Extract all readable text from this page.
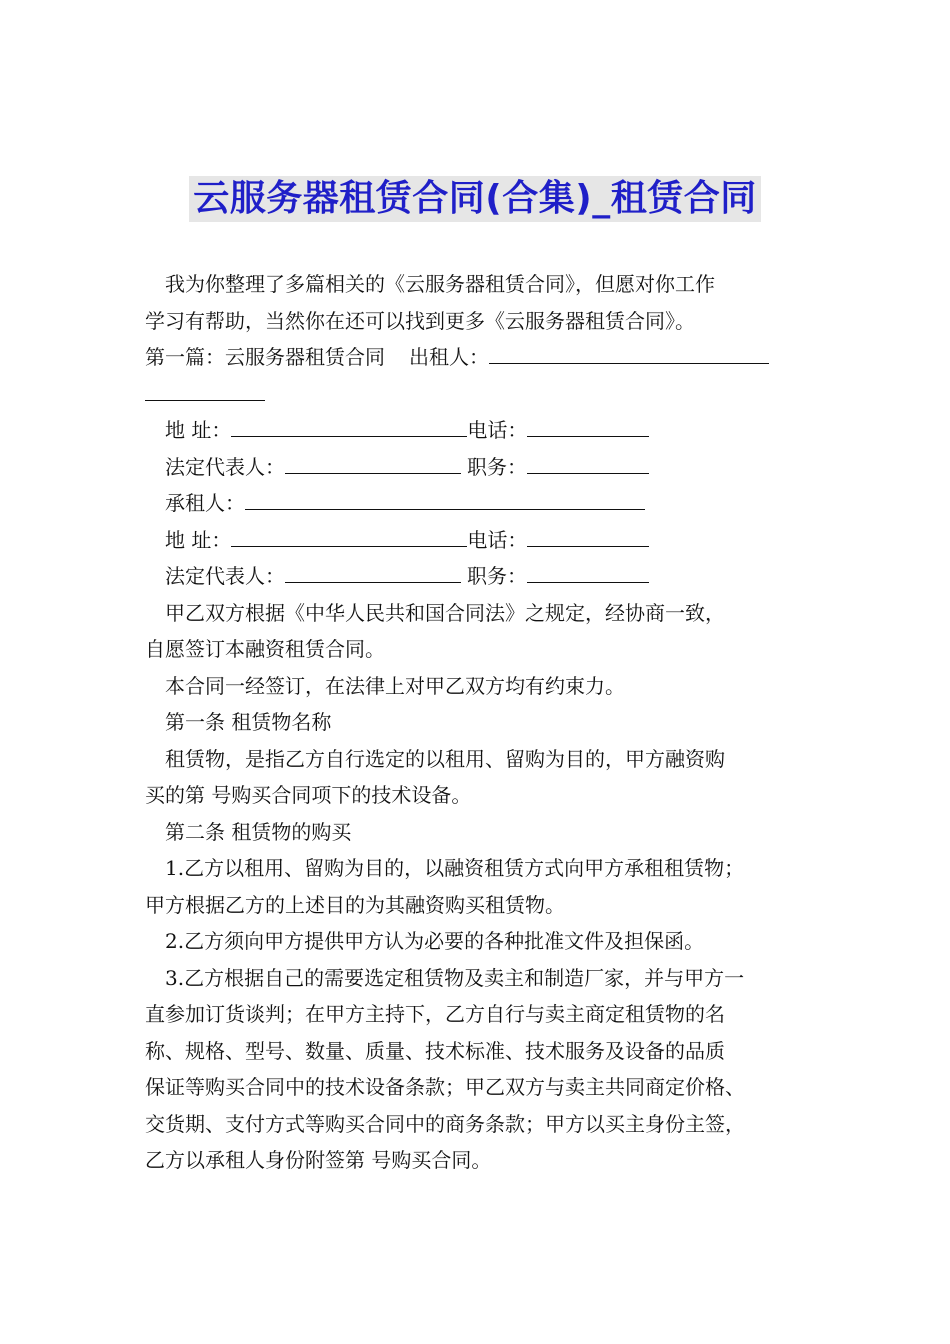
云服务器租赁合同(合集)_租赁合同

我为你整理了多篇相关的《云服务器租赁合同》，但愿对你工作

学习有帮助，当然你在还可以找到更多《云服务器租赁合同》。

第一篇：云服务器租赁合同 出租人：

地 址：	电话：

法定代表人：	职务：

承租人：

地 址：	电话：

法定代表人：	职务：

甲乙双方根据《中华人民共和国合同法》之规定，经协商一致，

自愿签订本融资租赁合同。

本合同一经签订，在法律上对甲乙双方均有约束力。

第一条 租赁物名称

租赁物，是指乙方自行选定的以租用、留购为目的，甲方融资购

买的第 号购买合同项下的技术设备。

第二条 租赁物的购买

1.乙方以租用、留购为目的，以融资租赁方式向甲方承租租赁物；

甲方根据乙方的上述目的为其融资购买租赁物。

2.乙方须向甲方提供甲方认为必要的各种批准文件及担保函。

3.乙方根据自己的需要选定租赁物及卖主和制造厂家，并与甲方一

直参加订货谈判；在甲方主持下，乙方自行与卖主商定租赁物的名

称、规格、型号、数量、质量、技术标准、技术服务及设备的品质

保证等购买合同中的技术设备条款；甲乙双方与卖主共同商定价格、

交货期、支付方式等购买合同中的商务条款；甲方以买主身份主签，

乙方以承租人身份附签第 号购买合同。
